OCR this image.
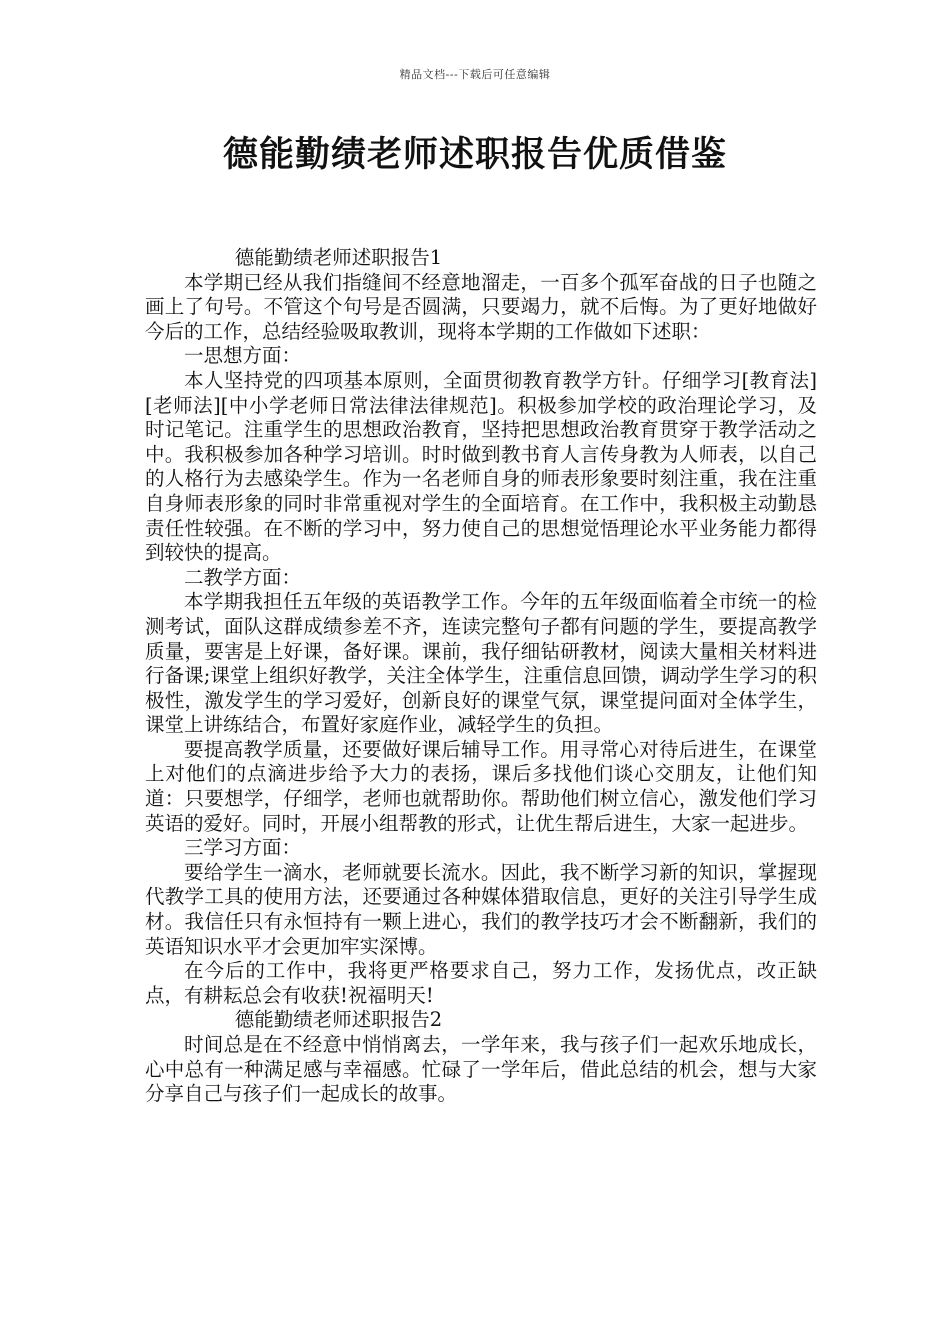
精品文档---下载后可任意编辑
德能勤绩老师述职报告优质借鉴

德能勤绩老师述职报告1

本学期已经从我们指缝间不经意地溜走，一百多个孤军奋战的日子也随之画上了句号。不管这个句号是否圆满，只要竭力，就不后悔。为了更好地做好今后的工作，总结经验吸取教训，现将本学期的工作做如下述职：

一思想方面：

本人坚持党的四项基本原则，全面贯彻教育教学方针。仔细学习[教育法][老师法][中小学老师日常法律法律规范]。积极参加学校的政治理论学习，及时记笔记。注重学生的思想政治教育，坚持把思想政治教育贯穿于教学活动之中。我积极参加各种学习培训。时时做到教书育人言传身教为人师表，以自己的人格行为去感染学生。作为一名老师自身的师表形象要时刻注重，我在注重自身师表形象的同时非常重视对学生的全面培育。在工作中，我积极主动勤恳责任性较强。在不断的学习中，努力使自己的思想觉悟理论水平业务能力都得到较快的提高。

二教学方面：

本学期我担任五年级的英语教学工作。今年的五年级面临着全市统一的检测考试，面队这群成绩参差不齐，连读完整句子都有问题的学生，要提高教学质量，要害是上好课，备好课。课前，我仔细钻研教材，阅读大量相关材料进行备课;课堂上组织好教学，关注全体学生，注重信息回馈，调动学生学习的积极性，激发学生的学习爱好，创新良好的课堂气氛，课堂提问面对全体学生，课堂上讲练结合，布置好家庭作业，减轻学生的负担。

要提高教学质量，还要做好课后辅导工作。用寻常心对待后进生，在课堂上对他们的点滴进步给予大力的表扬，课后多找他们谈心交朋友，让他们知道：只要想学，仔细学，老师也就帮助你。帮助他们树立信心，激发他们学习英语的爱好。同时，开展小组帮教的形式，让优生帮后进生，大家一起进步。

三学习方面：

要给学生一滴水，老师就要长流水。因此，我不断学习新的知识，掌握现代教学工具的使用方法，还要通过各种媒体猎取信息，更好的关注引导学生成材。我信任只有永恒持有一颗上进心，我们的教学技巧才会不断翻新，我们的英语知识水平才会更加牢实深博。

在今后的工作中，我将更严格要求自己，努力工作，发扬优点，改正缺点，有耕耘总会有收获!祝福明天!

德能勤绩老师述职报告2

时间总是在不经意中悄悄离去，一学年来，我与孩子们一起欢乐地成长，心中总有一种满足感与幸福感。忙碌了一学年后，借此总结的机会，想与大家分享自己与孩子们一起成长的故事。
